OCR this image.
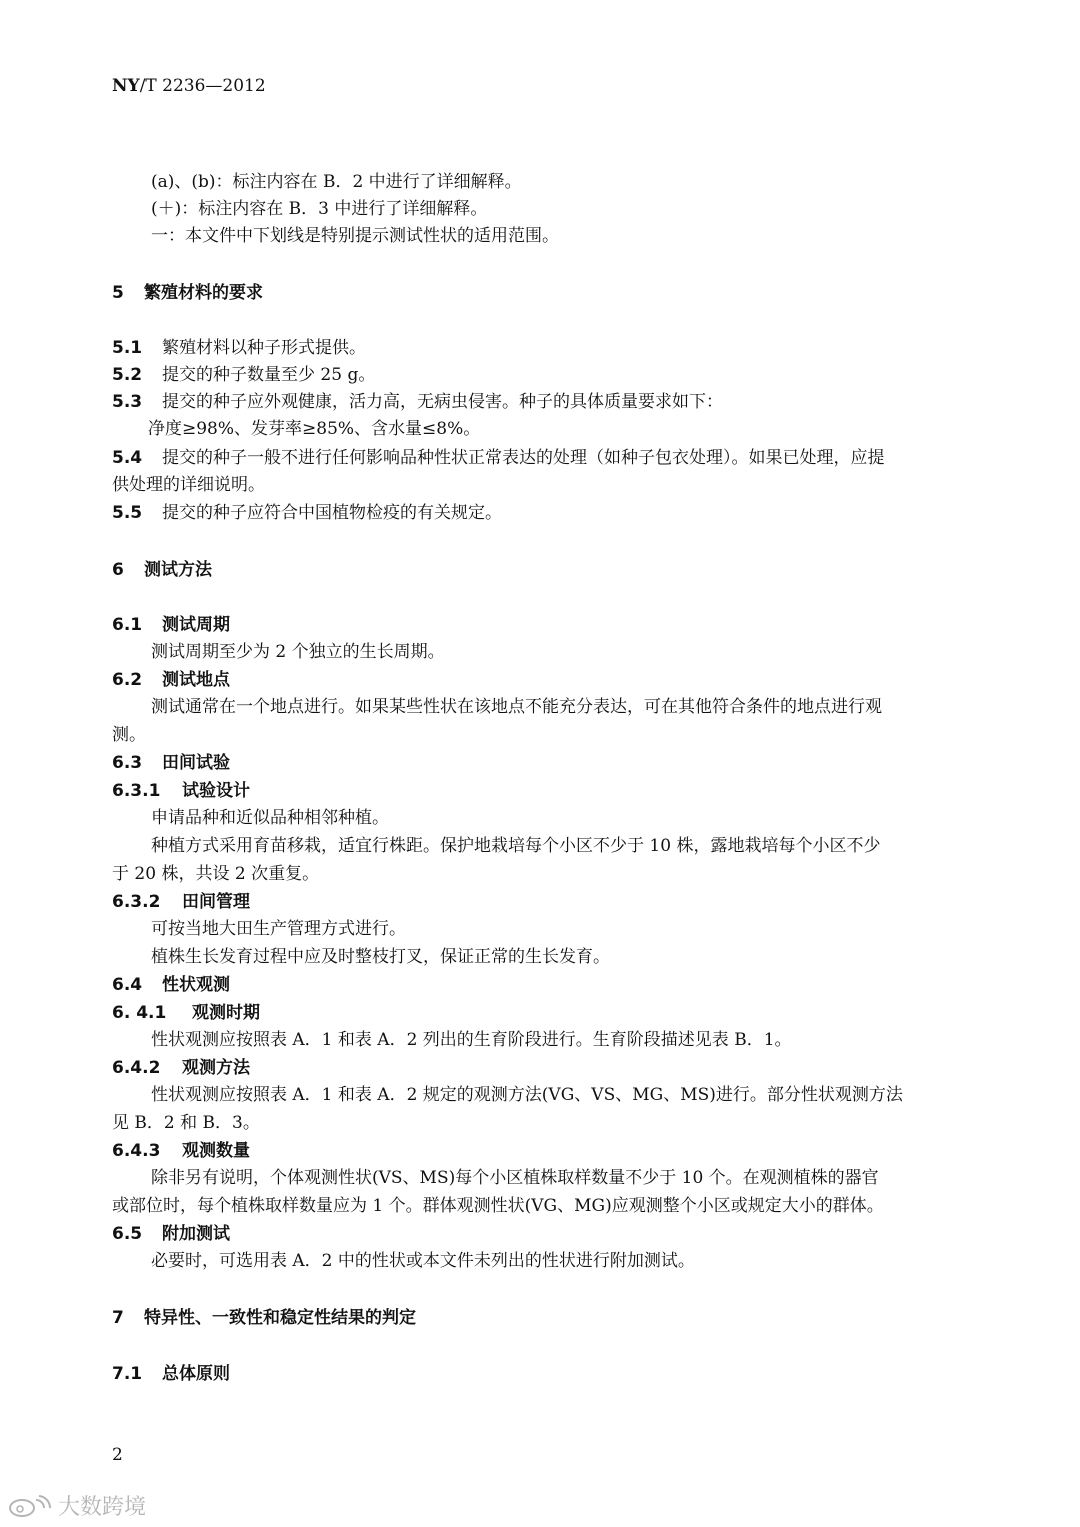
NY/T 2236—2012
(a)、(b)：标注内容在 B．2 中进行了详细解释。
(＋)：标注内容在 B．3 中进行了详细解释。
一：本文件中下划线是特别提示测试性状的适用范围。
5 繁殖材料的要求
5.1 繁殖材料以种子形式提供。
5.2 提交的种子数量至少 25 g。
5.3 提交的种子应外观健康，活力高，无病虫侵害。种子的具体质量要求如下：
净度≥98%、发芽率≥85%、含水量≤8%。
5.4 提交的种子一般不进行任何影响品种性状正常表达的处理（如种子包衣处理）。如果已处理，应提
供处理的详细说明。
5.5 提交的种子应符合中国植物检疫的有关规定。
6 测试方法
6.1 测试周期
测试周期至少为 2 个独立的生长周期。
6.2 测试地点
测试通常在一个地点进行。如果某些性状在该地点不能充分表达，可在其他符合条件的地点进行观
测。
6.3 田间试验
6.3.1 试验设计
申请品种和近似品种相邻种植。
种植方式采用育苗移栽，适宜行株距。保护地栽培每个小区不少于 10 株，露地栽培每个小区不少
于 20 株，共设 2 次重复。
6.3.2 田间管理
可按当地大田生产管理方式进行。
植株生长发育过程中应及时整枝打叉，保证正常的生长发育。
6.4 性状观测
6. 4.1 观测时期
性状观测应按照表 A．1 和表 A．2 列出的生育阶段进行。生育阶段描述见表 B．1。
6.4.2 观测方法
性状观测应按照表 A．1 和表 A．2 规定的观测方法(VG、VS、MG、MS)进行。部分性状观测方法
见 B．2 和 B．3。
6.4.3 观测数量
除非另有说明，个体观测性状(VS、MS)每个小区植株取样数量不少于 10 个。在观测植株的器官
或部位时，每个植株取样数量应为 1 个。群体观测性状(VG、MG)应观测整个小区或规定大小的群体。
6.5 附加测试
必要时，可选用表 A．2 中的性状或本文件未列出的性状进行附加测试。
7 特异性、一致性和稳定性结果的判定
7.1 总体原则
2
大数跨境
